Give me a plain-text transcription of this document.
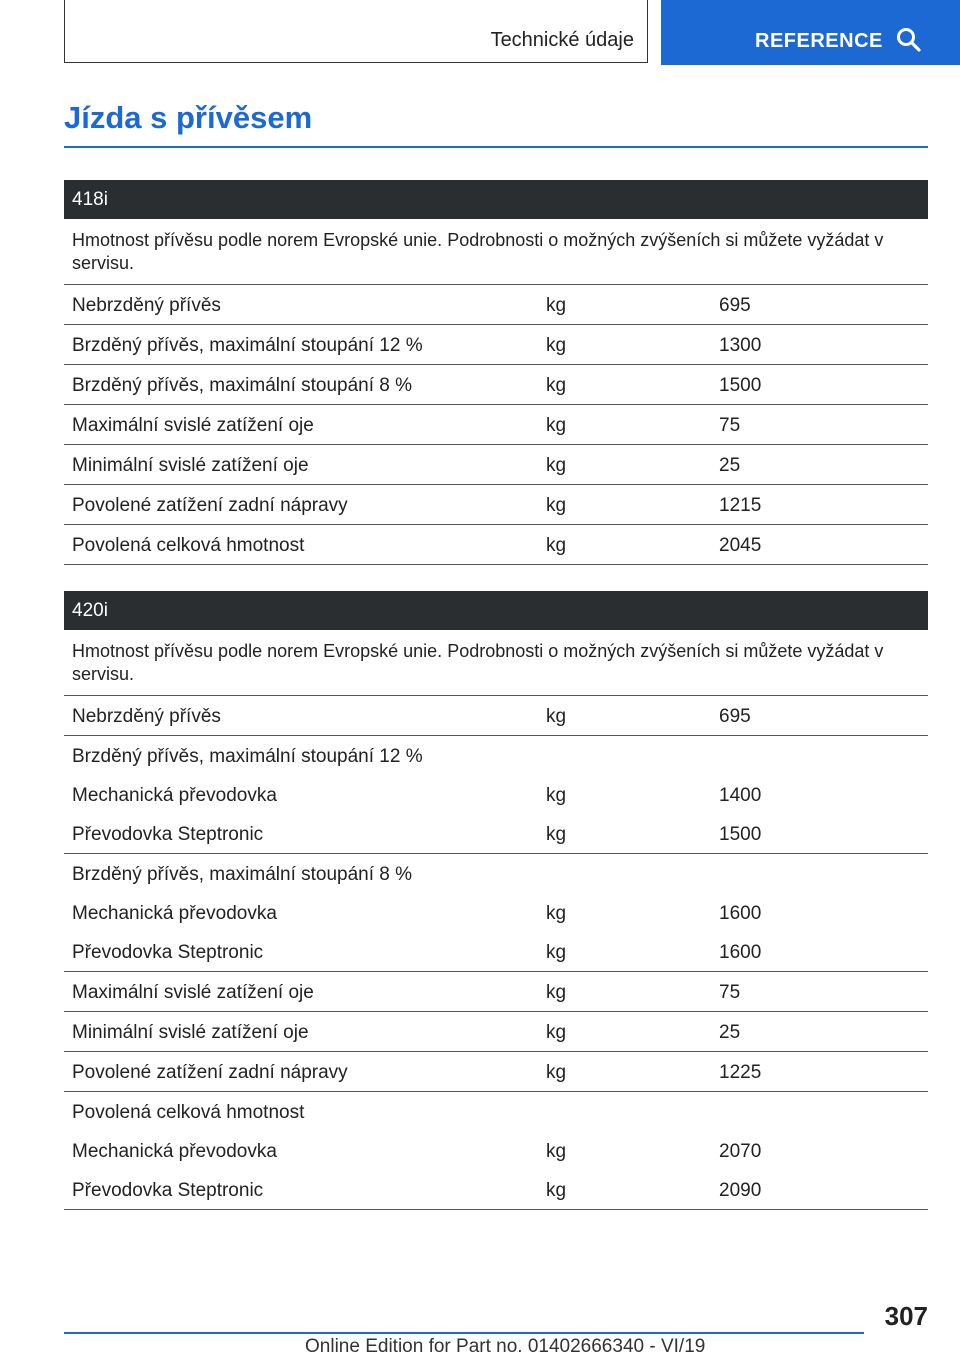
Technické údaje	REFERENCE
Jízda s přívěsem
418i
Hmotnost přívěsu podle norem Evropské unie. Podrobnosti o možných zvýšeních si můžete vyžádat v servisu.
Nebrzděný přívěs	kg	695
Brzděný přívěs, maximální stoupání 12 %	kg	1300
Brzděný přívěs, maximální stoupání 8 %	kg	1500
Maximální svislé zatížení oje	kg	75
Minimální svislé zatížení oje	kg	25
Povolené zatížení zadní nápravy	kg	1215
Povolená celková hmotnost	kg	2045
420i
Hmotnost přívěsu podle norem Evropské unie. Podrobnosti o možných zvýšeních si můžete vyžádat v servisu.
Nebrzděný přívěs	kg	695
Brzděný přívěs, maximální stoupání 12 %
Mechanická převodovka	kg	1400
Převodovka Steptronic	kg	1500
Brzděný přívěs, maximální stoupání 8 %
Mechanická převodovka	kg	1600
Převodovka Steptronic	kg	1600
Maximální svislé zatížení oje	kg	75
Minimální svislé zatížení oje	kg	25
Povolené zatížení zadní nápravy	kg	1225
Povolená celková hmotnost
Mechanická převodovka	kg	2070
Převodovka Steptronic	kg	2090
307
Online Edition for Part no. 01402666340 - VI/19
